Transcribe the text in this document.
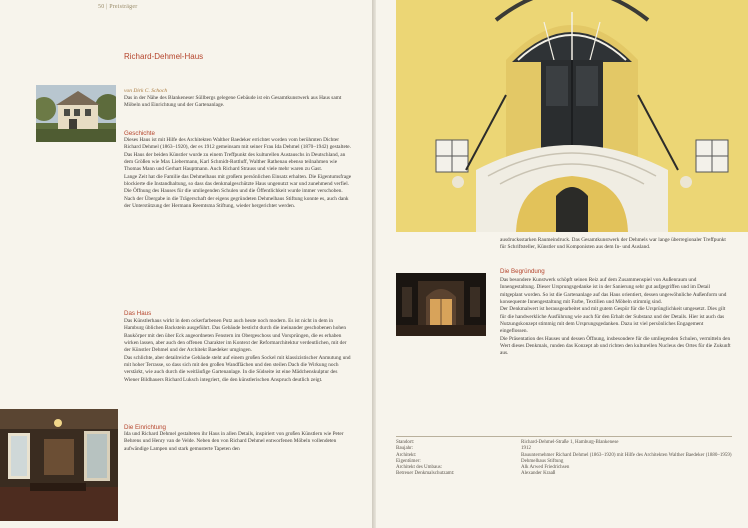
50 | Preisträger
Richard-Dehmel-Haus
von Dirk C. Schoch
Das in der Nähe des Blankeneser Süllbergs gelegene Gebäude ist ein Gesamtkunstwerk aus Haus samt Möbeln und Einrichtung und der Gartenanlage.
Geschichte
Dieses Haus ist mit Hilfe des Architekten Walther Baedeker errichtet worden vom berühmten Dichter Richard Dehmel (1863–1920), der es 1912 gemeinsam mit seiner Frau Ida Dehmel (1870–1942) gestaltete.
Das Haus der beiden Künstler wurde zu einem Treffpunkt des kulturellen Austauschs in Deutschland, an dem Größen wie Max Liebermann, Karl Schmidt-Rottluff, Walther Rathenau ebenso teilnahmen wie Thomas Mann und Gerhart Hauptmann. Auch Richard Strauss und viele mehr waren zu Gast.
Lange Zeit hat die Familie das Dehmelhaus mit großem persönlichen Einsatz erhalten. Die Eigentumsfrage blockierte die Instandhaltung, so dass das denkmalgeschützte Haus ungenutzt war und zunehmend verfiel. Die Öffnung des Hauses für die umliegenden Schulen und die Öffentlichkeit wurde immer verschoben. Nach der Übergabe in die Trägerschaft der eigens gegründeten Dehmelhaus Stiftung konnte es, auch dank der Unterstützung der Hermann Reemtsma Stiftung, wieder hergerichtet werden.
Das Haus
Das Künstlerhaus wirkt in dem ockerfarbenen Putz auch heute noch modern. Es ist nicht in dem in Hamburg üblichen Backstein ausgeführt. Das Gebäude besticht durch die ineinander geschobenen hohen Baukörper mit den über Eck angeordneten Fenstern im Obergeschoss und Vorsprüngen, die es erhaben wirken lassen, aber auch den offenen Charakter im Kontext der Reformarchitektur verdeutlichen, mit der der Künstler Dehmel und der Architekt Baedeker umgingen.
Das schlichte, aber detailreiche Gebäude steht auf einem großen Sockel mit klassizistischer Anmutung und mit hoher Terrasse, so dass sich mit den großen Wandflächen und den steilen Dach die Wirkung noch verstärkt, wie auch durch die weitläufige Gartenanlage. In die Südseite ist eine Mädchenskulptur des Wiener Bildhauers Richard Luksch integriert, die den künstlerischen Anspruch deutlich zeigt.
Die Einrichtung
Ida und Richard Dehmel gestalteten ihr Haus in allen Details, inspiriert von großen Künstlern wie Peter Behrens und Henry van de Velde. Neben den von Richard Dehmel entworfenen Möbeln vollendeten aufwändige Lampen und stark gemusterte Tapeten den
ausdrucksstarken Raumeindruck. Das Gesamtkunstwerk der Dehmels war lange überregionaler Treffpunkt für Schriftsteller, Künstler und Komponisten aus dem In- und Ausland.
Die Begründung
Das besondere Kunstwerk schöpft seinen Reiz auf dem Zusammenspiel von Außenraum und Innengestaltung. Dieser Ursprungsgedanke ist in der Sanierung sehr gut aufgegriffen und im Detail mitgeplant worden. So ist die Gartenanlage auf das Haus orientiert, dessen ungewöhnliche Außenform und konsequente Innengestaltung mit Farbe, Textilien und Möbeln stimmig sind.
Der Denkmalwert ist herausgearbeitet und mit gutem Gespür für die Ursprünglichkeit umgesetzt. Dies gilt für die handwerkliche Ausführung wie auch für den Erhalt der Substanz und der Details. Hier ist auch das Nutzungskonzept stimmig mit dem Ursprungsgedanken. Dazu ist viel persönliches Engagement eingeflossen.
Die Präsentation des Hauses und dessen Öffnung, insbesondere für die umliegenden Schulen, vermitteln den Wert dieses Denkmals, runden das Konzept ab und richten den kulturellen Nucleus des Ortes für die Zukunft aus.
Standort:	Richard-Dehmel-Straße 1, Hamburg-Blankenese
Baujahr:	1912
Architekt:	Bauunternehmer Richard Dehmel (1863–1920) mit Hilfe des Architekten Walther Baedeker (1880–1959)
Eigentümer:	Dehmelhaus Stiftung
Architekt des Umbaus:	Alk Arwed Friedrichsen
Betreuer Denkmalschutzamt:	Alexander Kraaß
